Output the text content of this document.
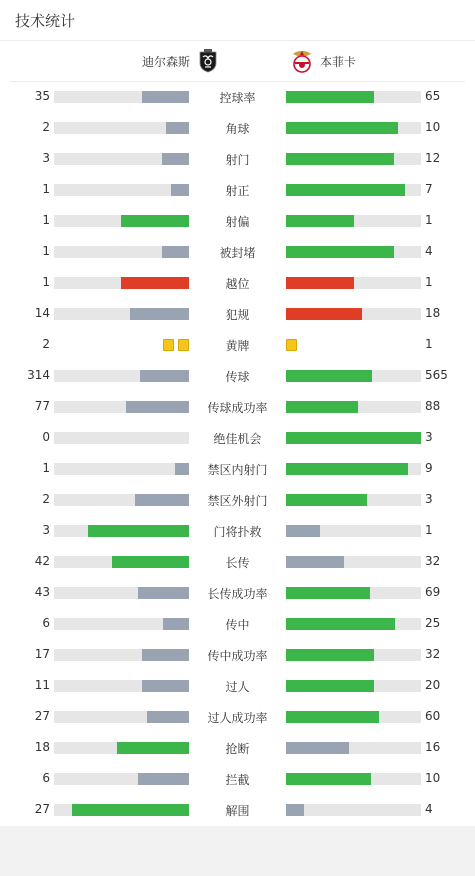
技术统计
迪尔森斯	本菲卡
35	控球率	65
2	角球	10
3	射门	12
1	射正	7
1	射偏	1
1	被封堵	4
1	越位	1
14	犯规	18
2	黄牌	1
314	传球	565
77	传球成功率	88
0	绝佳机会	3
1	禁区内射门	9
2	禁区外射门	3
3	门将扑救	1
42	长传	32
43	长传成功率	69
6	传中	25
17	传中成功率	32
11	过人	20
27	过人成功率	60
18	抢断	16
6	拦截	10
27	解围	4
